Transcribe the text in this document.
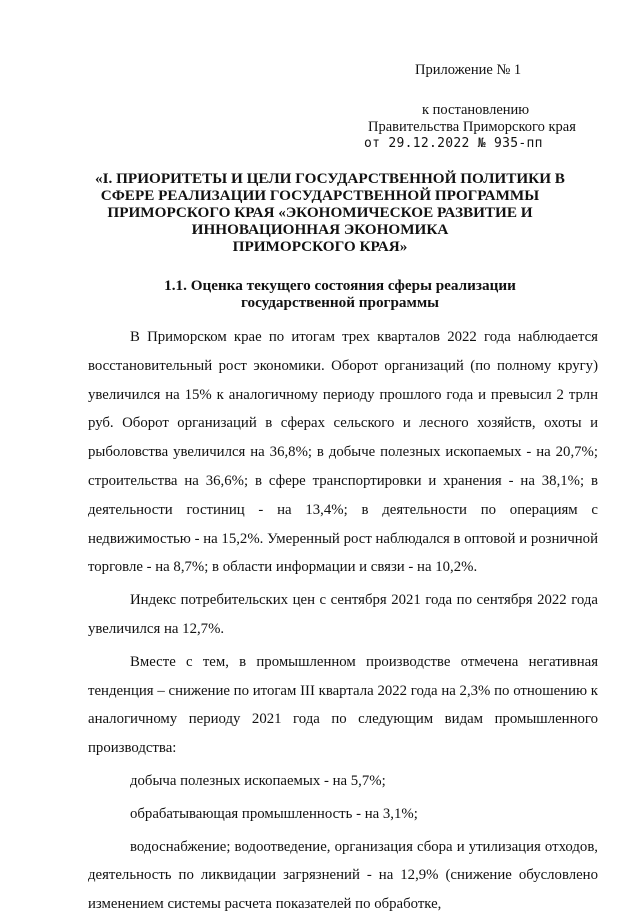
Приложение № 1
к постановлению
Правительства Приморского края
от 29.12.2022 № 935-пп
«I. ПРИОРИТЕТЫ И ЦЕЛИ ГОСУДАРСТВЕННОЙ ПОЛИТИКИ В
СФЕРЕ РЕАЛИЗАЦИИ ГОСУДАРСТВЕННОЙ ПРОГРАММЫ
ПРИМОРСКОГО КРАЯ «ЭКОНОМИЧЕСКОЕ РАЗВИТИЕ И
ИННОВАЦИОННАЯ ЭКОНОМИКА
ПРИМОРСКОГО КРАЯ»
1.1. Оценка текущего состояния сферы реализации
государственной программы

В Приморском крае по итогам трех кварталов 2022 года наблюдается восстановительный рост экономики. Оборот организаций (по полному кругу) увеличился на 15% к аналогичному периоду прошлого года и превысил 2 трлн руб. Оборот организаций в сферах сельского и лесного хозяйств, охоты и рыболовства увеличился на 36,8%; в добыче полезных ископаемых - на 20,7%; строительства на 36,6%; в сфере транспортировки и хранения - на 38,1%; в деятельности гостиниц - на 13,4%; в деятельности по операциям с недвижимостью - на 15,2%. Умеренный рост наблюдался в оптовой и розничной торговле - на 8,7%; в области информации и связи - на 10,2%.

Индекс потребительских цен с сентября 2021 года по сентября 2022 года увеличился на 12,7%.

Вместе с тем, в промышленном производстве отмечена негативная тенденция – снижение по итогам III квартала 2022 года на 2,3% по отношению к аналогичному периоду 2021 года по следующим видам промышленного производства:

добыча полезных ископаемых - на 5,7%;

обрабатывающая промышленность - на 3,1%;

водоснабжение; водоотведение, организация сбора и утилизация отходов, деятельность по ликвидации загрязнений - на 12,9% (снижение обусловлено изменением системы расчета показателей по обработке,
